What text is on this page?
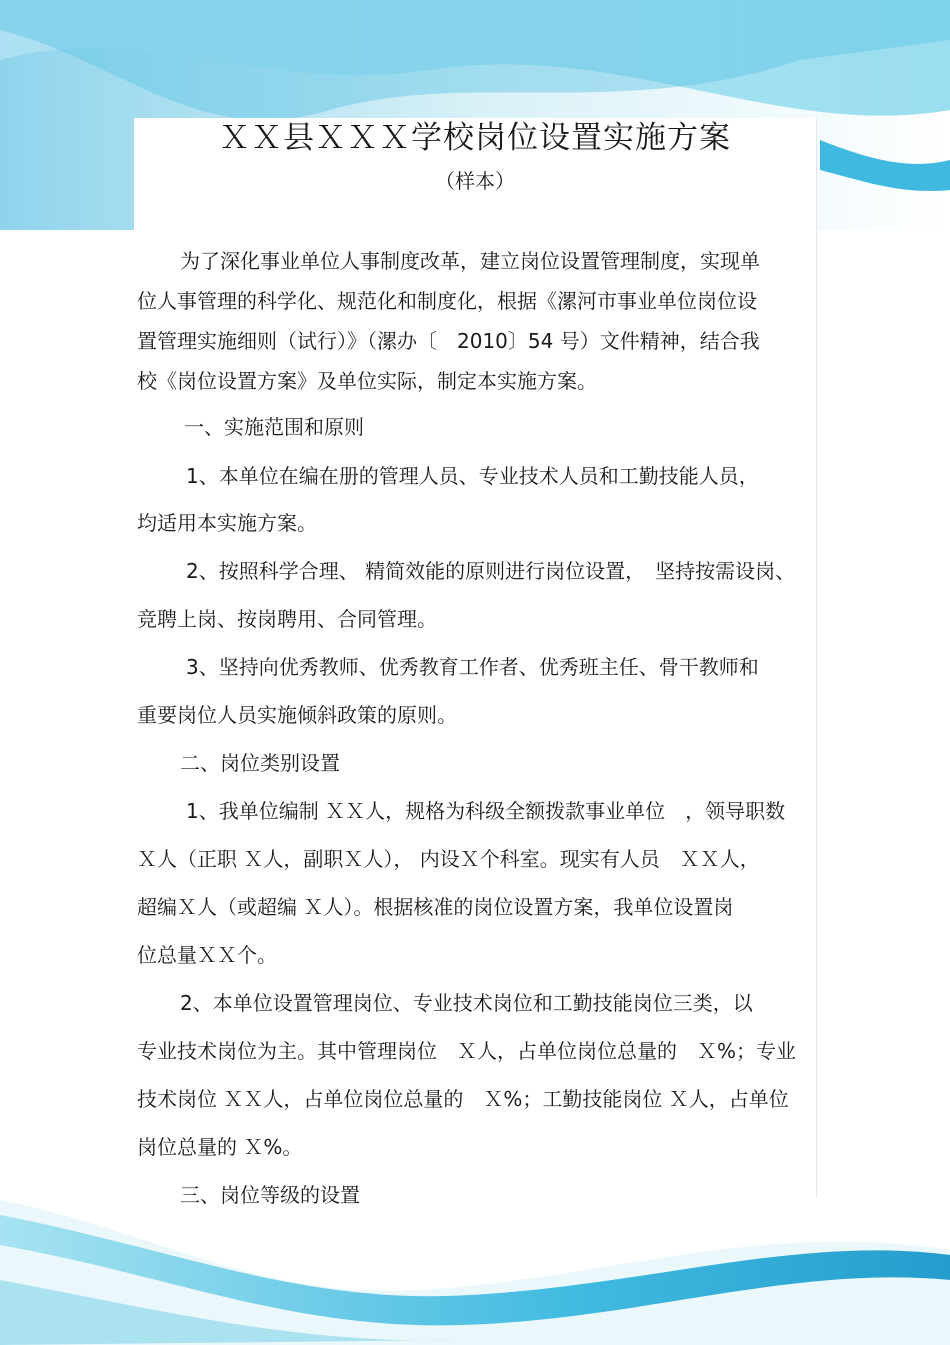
ＸＸ县ＸＸＸ学校岗位设置实施方案
（样本）
为了深化事业单位人事制度改革，建立岗位设置管理制度，实现单
位人事管理的科学化、规范化和制度化，根据《漯河市事业单位岗位设
置管理实施细则（试行）》（漯办〔　2010〕54 号）文件精神，结合我
校《岗位设置方案》及单位实际，制定本实施方案。
一、实施范围和原则
1、本单位在编在册的管理人员、专业技术人员和工勤技能人员，
均适用本实施方案。
2、按照科学合理、 精简效能的原则进行岗位设置，　坚持按需设岗、
竞聘上岗、按岗聘用、合同管理。
3、坚持向优秀教师、优秀教育工作者、优秀班主任、骨干教师和
重要岗位人员实施倾斜政策的原则。
二、岗位类别设置
1、我单位编制 ＸＸ人，规格为科级全额拨款事业单位　，领导职数
Ｘ人（正职 Ｘ人，副职Ｘ人）， 内设Ｘ个科室。现实有人员　ＸＸ人，
超编Ｘ人（或超编 Ｘ人）。根据核准的岗位设置方案，我单位设置岗
位总量ＸＸ个。
2、本单位设置管理岗位、专业技术岗位和工勤技能岗位三类，以
专业技术岗位为主。其中管理岗位　Ｘ人，占单位岗位总量的　Ｘ%；专业
技术岗位 ＸＸ人，占单位岗位总量的　Ｘ%；工勤技能岗位 Ｘ人，占单位
岗位总量的 Ｘ%。
三、岗位等级的设置
